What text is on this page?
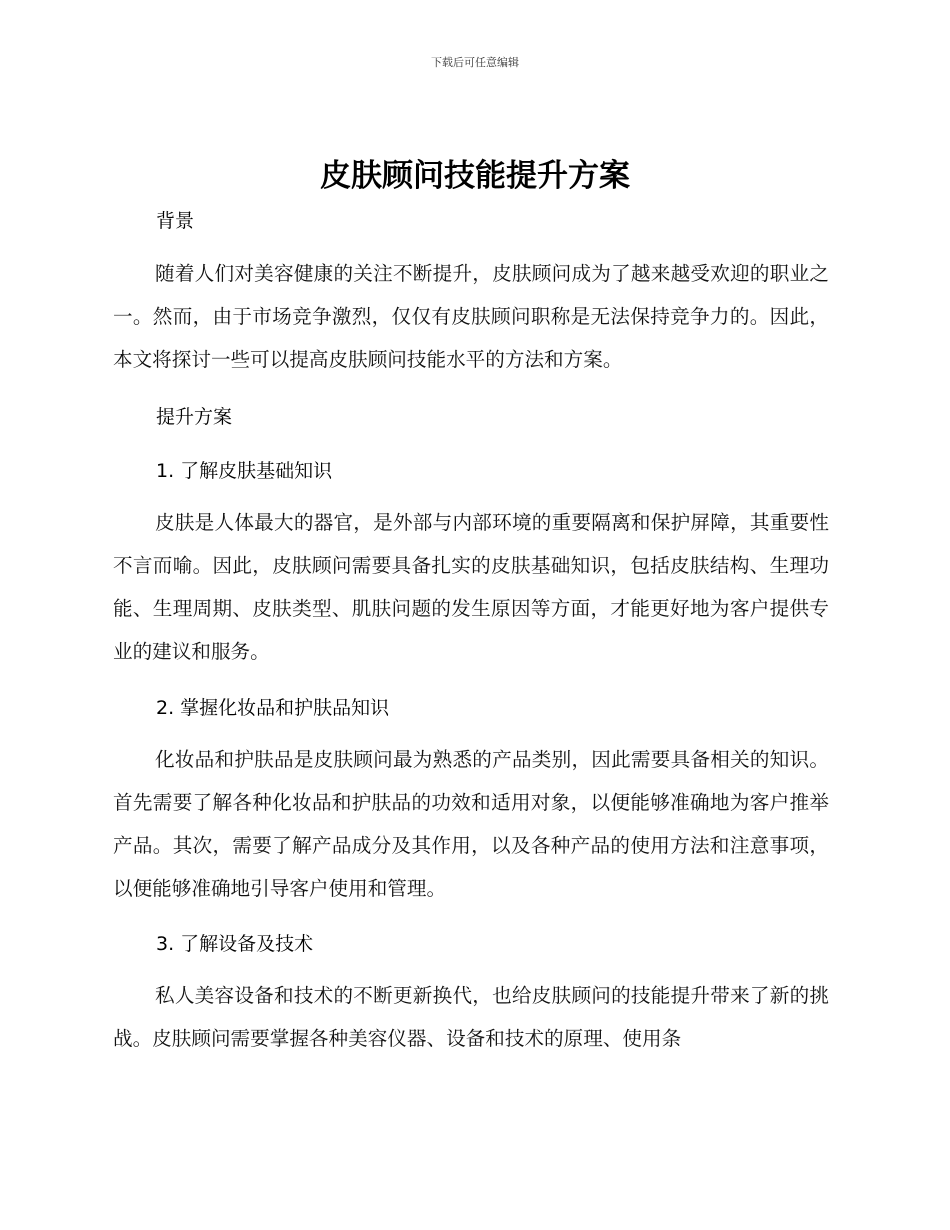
下载后可任意编辑
皮肤顾问技能提升方案
背景

随着人们对美容健康的关注不断提升，皮肤顾问成为了越来越受欢迎的职业之一。然而，由于市场竞争激烈，仅仅有皮肤顾问职称是无法保持竞争力的。因此，本文将探讨一些可以提高皮肤顾问技能水平的方法和方案。

提升方案
1. 了解皮肤基础知识

皮肤是人体最大的器官，是外部与内部环境的重要隔离和保护屏障，其重要性不言而喻。因此，皮肤顾问需要具备扎实的皮肤基础知识，包括皮肤结构、生理功能、生理周期、皮肤类型、肌肤问题的发生原因等方面，才能更好地为客户提供专业的建议和服务。

2. 掌握化妆品和护肤品知识

化妆品和护肤品是皮肤顾问最为熟悉的产品类别，因此需要具备相关的知识。首先需要了解各种化妆品和护肤品的功效和适用对象，以便能够准确地为客户推举产品。其次，需要了解产品成分及其作用，以及各种产品的使用方法和注意事项，以便能够准确地引导客户使用和管理。

3. 了解设备及技术

私人美容设备和技术的不断更新换代，也给皮肤顾问的技能提升带来了新的挑战。皮肤顾问需要掌握各种美容仪器、设备和技术的原理、使用条
